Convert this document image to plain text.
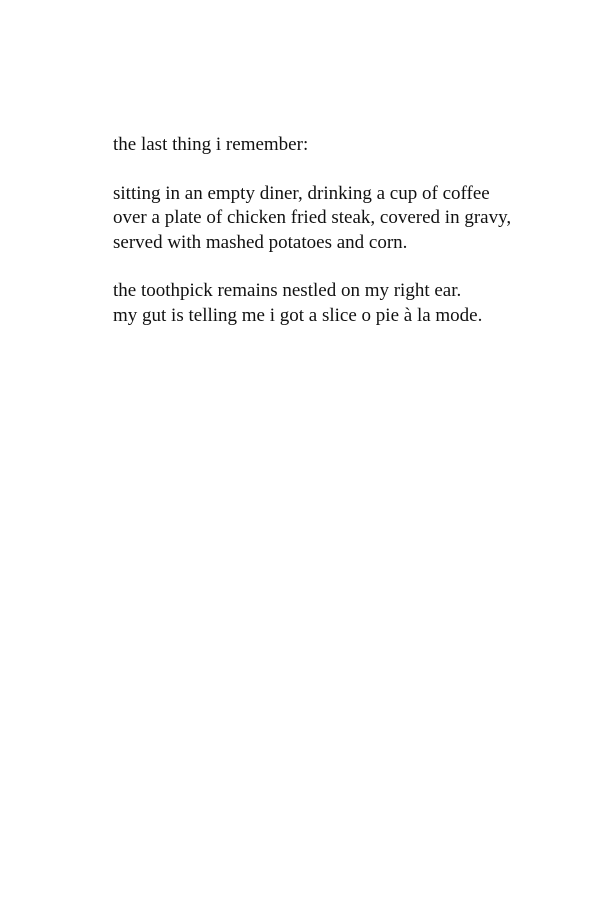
the last thing i remember:

sitting in an empty diner, drinking a cup of coffee
over a plate of chicken fried steak, covered in gravy,
served with mashed potatoes and corn.

the toothpick remains nestled on my right ear.
my gut is telling me i got a slice o pie à la mode.
